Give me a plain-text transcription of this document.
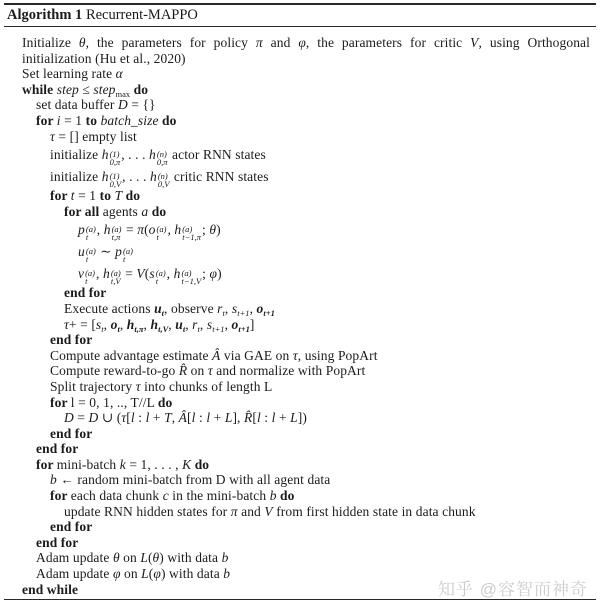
Algorithm 1 Recurrent-MAPPO
Initialize θ, the parameters for policy π and φ, the parameters for critic V, using Orthogonal
initialization (Hu et al., 2020)
Set learning rate α
while step ≤ step$_{max}$ do
set data buffer D = {}
for i = 1 to batch_size do
τ = [] empty list
initialize h (1)
0,π , . . . h (n)
0,π actor RNN states
initialize h (1)
0,V , . . . h (n)
0,V critic RNN states
for t = 1 to T do
for all agents a do
p (a)
t , h (a)
t,π = π(o (a)
t , h (a)
t−1,π ; θ)
u (a)
t ∼ p (a)
t
v (a)
t , h (a)
t,V = V(s (a)
t , h (a)
t−1,V ; φ)
end for
Execute actions $u_t$, observe $r_t$, $s_{t+1}$, $o_{t+1}$
$\tau+ = [s_t$, $o_t$, $h_{t,\pi}$, $h_{t,V}$, $u_t$, $r_t$, $s_{t+1}$, $o_{t+1}$]
end for
Compute advantage estimate Â via GAE on τ, using PopArt
Compute reward-to-go R̂ on τ and normalize with PopArt
Split trajectory τ into chunks of length L
for l = 0, 1, .., T//L do
D = D ∪ (τ[l : l + T, Â[l : l + L], R̂[l : l + L])
end for
end for
for mini-batch k = 1, . . . , K do
b ← random mini-batch from D with all agent data
for each data chunk c in the mini-batch b do
update RNN hidden states for π and V from first hidden state in data chunk
end for
end for
Adam update θ on L(θ) with data b
Adam update φ on L(φ) with data b
end while	知乎 @容智而神奇
